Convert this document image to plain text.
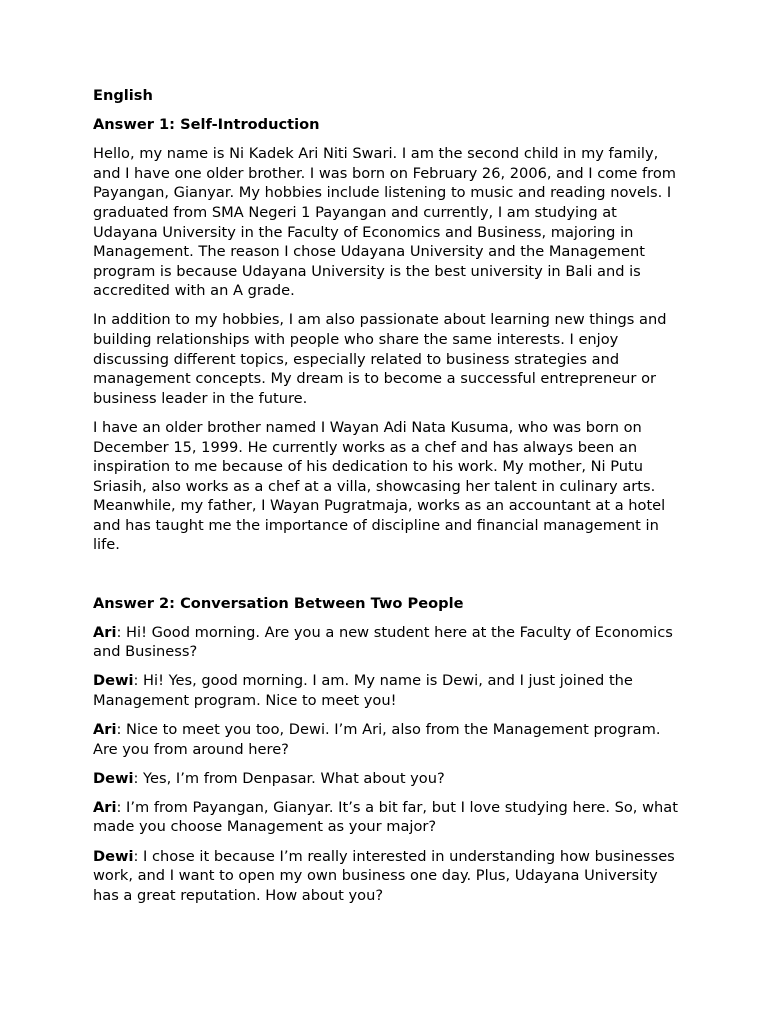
English
Answer 1: Self-Introduction
Hello, my name is Ni Kadek Ari Niti Swari. I am the second child in my family, and I have one older brother. I was born on February 26, 2006, and I come from Payangan, Gianyar. My hobbies include listening to music and reading novels. I graduated from SMA Negeri 1 Payangan and currently, I am studying at Udayana University in the Faculty of Economics and Business, majoring in Management. The reason I chose Udayana University and the Management program is because Udayana University is the best university in Bali and is accredited with an A grade.
In addition to my hobbies, I am also passionate about learning new things and building relationships with people who share the same interests. I enjoy discussing different topics, especially related to business strategies and management concepts. My dream is to become a successful entrepreneur or business leader in the future.
I have an older brother named I Wayan Adi Nata Kusuma, who was born on December 15, 1999. He currently works as a chef and has always been an inspiration to me because of his dedication to his work. My mother, Ni Putu Sriasih, also works as a chef at a villa, showcasing her talent in culinary arts. Meanwhile, my father, I Wayan Pugratmaja, works as an accountant at a hotel and has taught me the importance of discipline and financial management in life.
Answer 2: Conversation Between Two People
Ari: Hi! Good morning. Are you a new student here at the Faculty of Economics and Business?
Dewi: Hi! Yes, good morning. I am. My name is Dewi, and I just joined the Management program. Nice to meet you!
Ari: Nice to meet you too, Dewi. I’m Ari, also from the Management program. Are you from around here?
Dewi: Yes, I’m from Denpasar. What about you?
Ari: I’m from Payangan, Gianyar. It’s a bit far, but I love studying here. So, what made you choose Management as your major?
Dewi: I chose it because I’m really interested in understanding how businesses work, and I want to open my own business one day. Plus, Udayana University has a great reputation. How about you?
